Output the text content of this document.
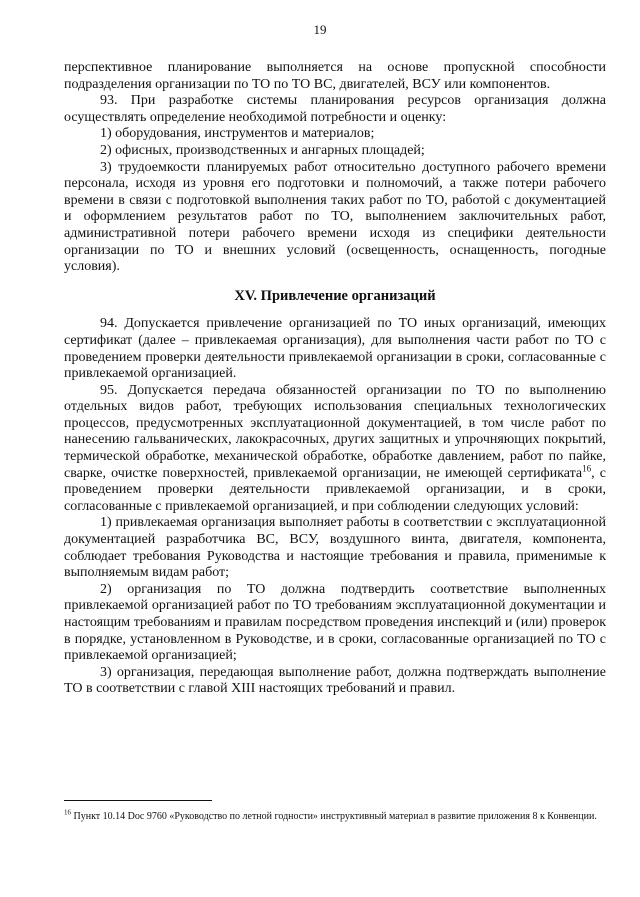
19

перспективное планирование выполняется на основе пропускной способности подразделения организации по ТО по ТО ВС, двигателей, ВСУ или компонентов.

93. При разработке системы планирования ресурсов организация должна осуществлять определение необходимой потребности и оценку:

1) оборудования, инструментов и материалов;

2) офисных, производственных и ангарных площадей;

3) трудоемкости планируемых работ относительно доступного рабочего времени персонала, исходя из уровня его подготовки и полномочий, а также потери рабочего времени в связи с подготовкой выполнения таких работ по ТО, работой с документацией и оформлением результатов работ по ТО, выполнением заключительных работ, административной потери рабочего времени исходя из специфики деятельности организации по ТО и внешних условий (освещенность, оснащенность, погодные условия).

XV. Привлечение организаций

94. Допускается привлечение организацией по ТО иных организаций, имеющих сертификат (далее – привлекаемая организация), для выполнения части работ по ТО с проведением проверки деятельности привлекаемой организации в сроки, согласованные с привлекаемой организацией.

95. Допускается передача обязанностей организации по ТО по выполнению отдельных видов работ, требующих использования специальных технологических процессов, предусмотренных эксплуатационной документацией, в том числе работ по нанесению гальванических, лакокрасочных, других защитных и упрочняющих покрытий, термической обработке, механической обработке, обработке давлением, работ по пайке, сварке, очистке поверхностей, привлекаемой организации, не имеющей сертификата$^{16}$, с проведением проверки деятельности привлекаемой организации, и в сроки, согласованные с привлекаемой организацией, и при соблюдении следующих условий:

1) привлекаемая организация выполняет работы в соответствии с эксплуатационной документацией разработчика ВС, ВСУ, воздушного винта, двигателя, компонента, соблюдает требования Руководства и настоящие требования и правила, применимые к выполняемым видам работ;

2) организация по ТО должна подтвердить соответствие выполненных привлекаемой организацией работ по ТО требованиям эксплуатационной документации и настоящим требованиям и правилам посредством проведения инспекций и (или) проверок в порядке, установленном в Руководстве, и в сроки, согласованные организацией по ТО с привлекаемой организацией;

3) организация, передающая выполнение работ, должна подтверждать выполнение ТО в соответствии с главой XIII настоящих требований и правил.

$^{16}$ Пункт 10.14 Doc 9760 «Руководство по летной годности» инструктивный материал в развитие приложения 8 к Конвенции.
